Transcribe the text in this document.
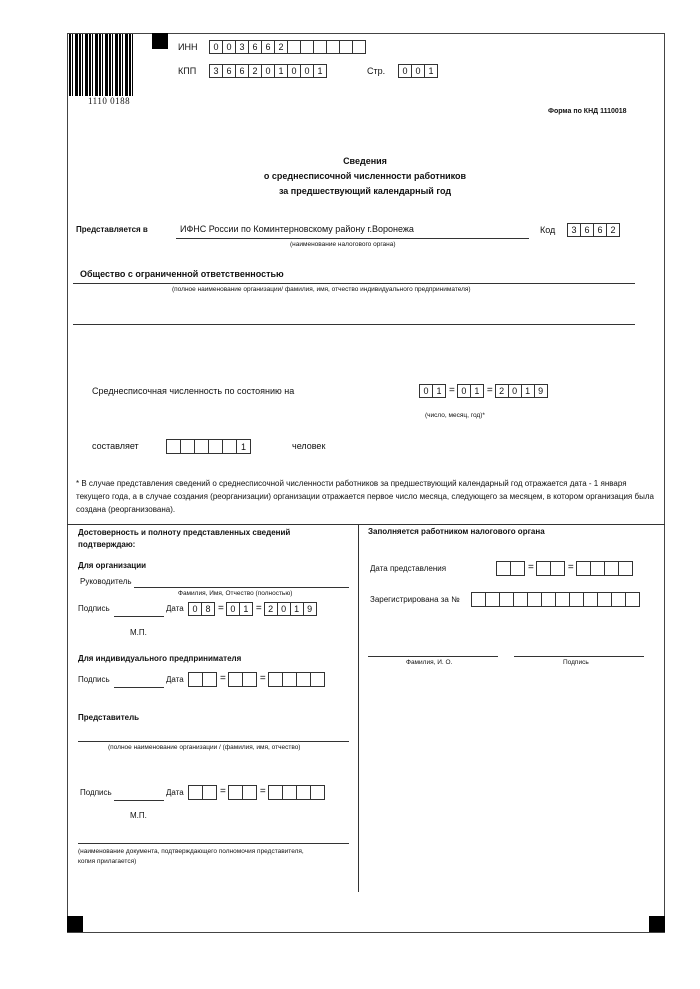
1110 0188
ИНН	0 0 3 6 6 2
КПП	3 6 6 2 0 1 0 0 1	Стр.	0 0 1
Форма по КНД 1110018
Сведения
о среднесписочной численности работников
за предшествующий календарный год
Представляется в	ИФНС России по Коминтерновскому району г.Воронежа
(наименование налогового органа)
Код	3 6 6 2
Общество с ограниченной ответственностью
(полное наименование организации/ фамилия, имя, отчество индивидуального предпринимателя)
Среднесписочная численность по состоянию на	0 1 = 0 1 = 2 0 1 9
(число, месяц, год)*
составляет	1	человек
* В случае представления сведений о среднесписочной численности работников за предшествующий календарный год отражается дата - 1 января текущего года, а в случае создания (реорганизации) организации отражается первое число месяца, следующего за месяцем, в котором организация была создана (реорганизована).
Достоверность и полноту представленных сведений
подтверждаю:
Для организации
Руководитель
Фамилия, Имя, Отчество (полностью)
Подпись	Дата 0 8 = 0 1 = 2 0 1 9
М.П.
Для индивидуального предпринимателя
Подпись	Дата	=	=
Представитель
(полное наименование организации / (фамилия, имя, отчество)
Подпись	Дата	=	=
М.П.
(наименование документа, подтверждающего полномочия представителя,
копия прилагается)
Заполняется работником налогового органа
Дата представления	=	=
Зарегистрирована за №
Фамилия, И. О.	Подпись
